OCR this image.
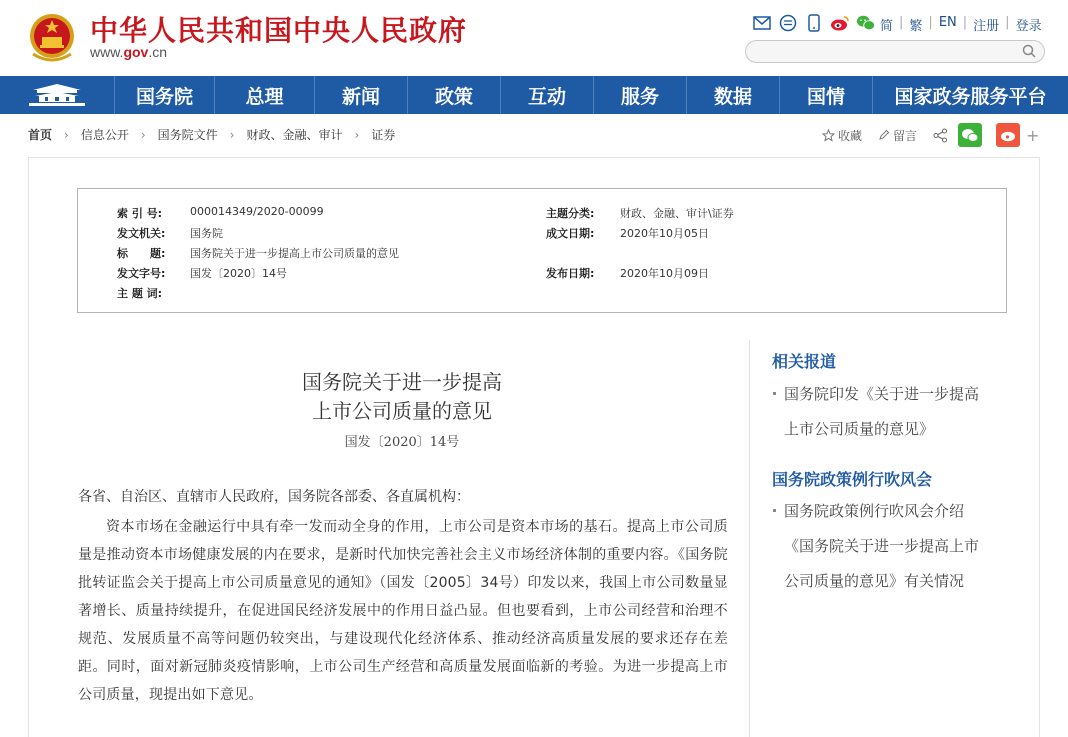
中华人民共和国中央人民政府
www.gov.cn
简 | 繁 | EN | 注册 | 登录
国务院	总理	新闻	政策	互动	服务	数据	国情	国家政务服务平台
首页 › 信息公开 › 国务院文件 › 财政、金融、审计 › 证券	收藏	留言	+
索 引 号:	000014349/2020-00099	主题分类:	财政、金融、审计\证券
发文机关:	国务院	成文日期:	2020年10月05日
标　　题:	国务院关于进一步提高上市公司质量的意见
发文字号:	国发〔2020〕14号	发布日期:	2020年10月09日
主 题 词:
国务院关于进一步提高
上市公司质量的意见
国发〔2020〕14号
各省、自治区、直辖市人民政府，国务院各部委、各直属机构：
资本市场在金融运行中具有牵一发而动全身的作用，上市公司是资本市场的基石。提高上市公司质量是推动资本市场健康发展的内在要求，是新时代加快完善社会主义市场经济体制的重要内容。《国务院批转证监会关于提高上市公司质量意见的通知》（国发〔2005〕34号）印发以来，我国上市公司数量显著增长、质量持续提升，在促进国民经济发展中的作用日益凸显。但也要看到，上市公司经营和治理不规范、发展质量不高等问题仍较突出，与建设现代化经济体系、推动经济高质量发展的要求还存在差距。同时，面对新冠肺炎疫情影响，上市公司生产经营和高质量发展面临新的考验。为进一步提高上市公司质量，现提出如下意见。
相关报道
国务院印发《关于进一步提高
上市公司质量的意见》
国务院政策例行吹风会
国务院政策例行吹风会介绍
《国务院关于进一步提高上市
公司质量的意见》有关情况
